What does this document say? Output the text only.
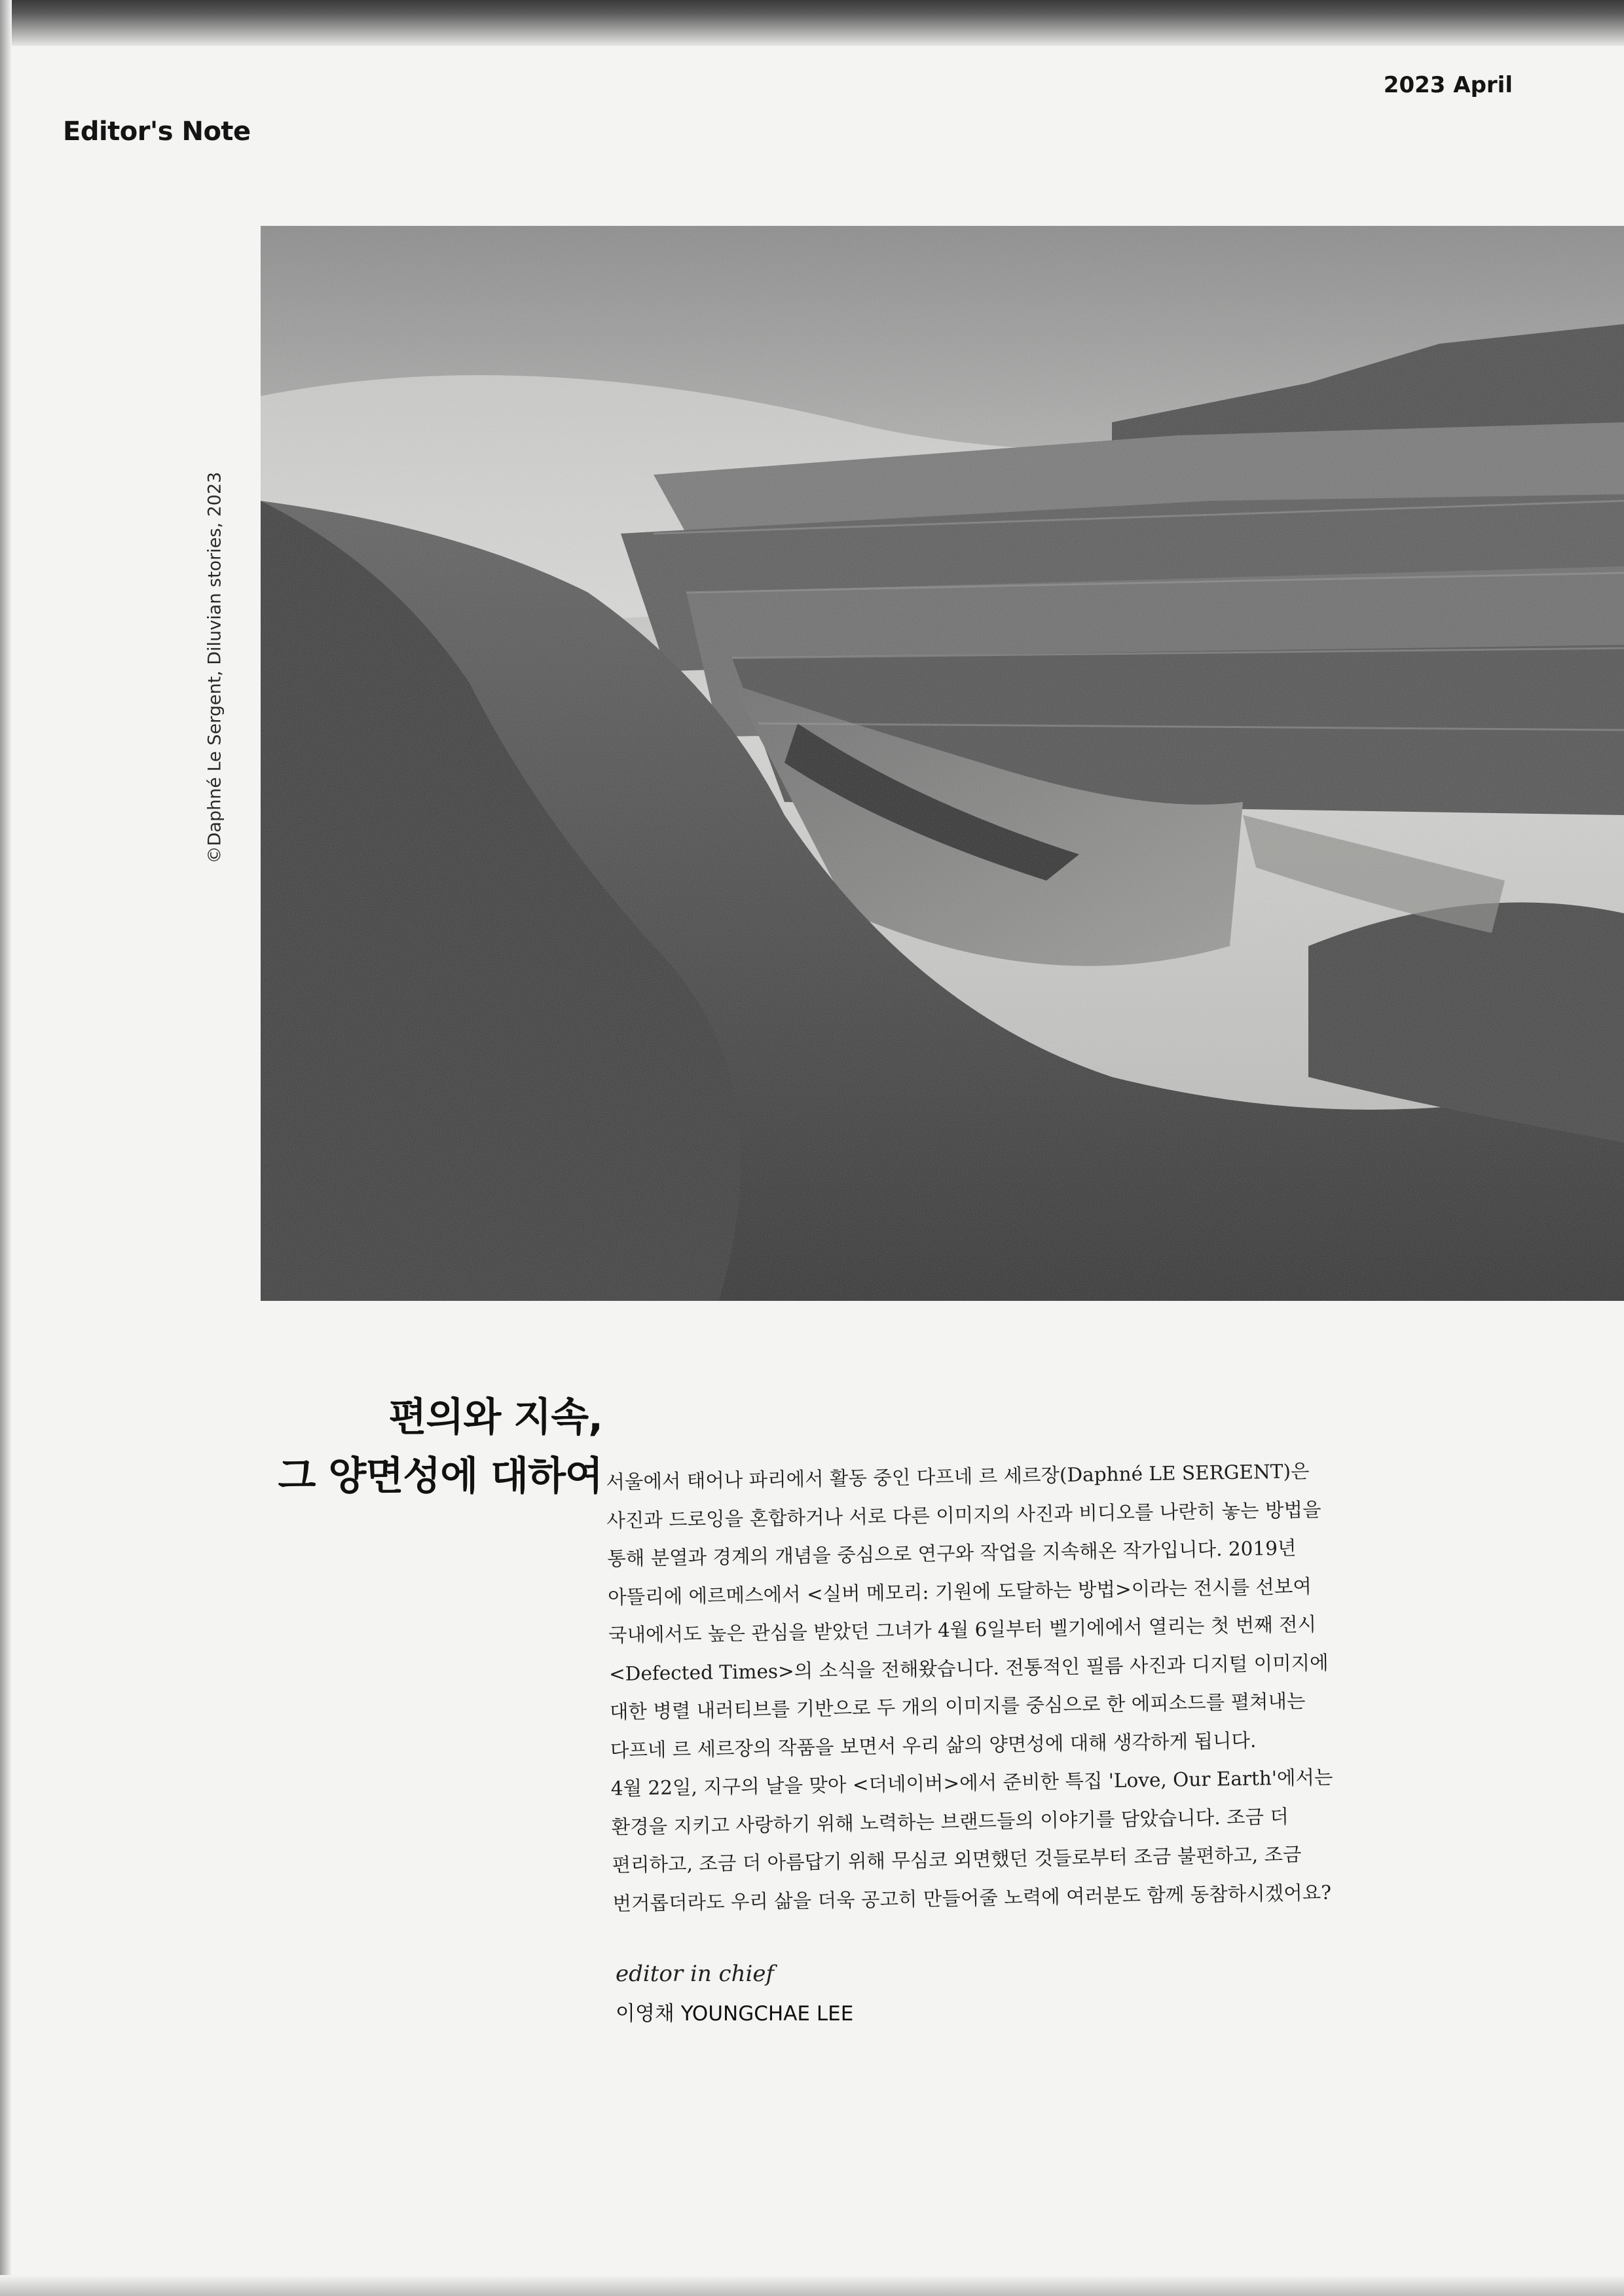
Editor's Note
2023 April
©Daphné Le Sergent, Diluvian stories, 2023
편의와 지속,
그 양면성에 대하여 서울에서 태어나 파리에서 활동 중인 다프네 르 세르장(Daphné LE SERGENT)은
사진과 드로잉을 혼합하거나 서로 다른 이미지의 사진과 비디오를 나란히 놓는 방법을
통해 분열과 경계의 개념을 중심으로 연구와 작업을 지속해온 작가입니다. 2019년
아뜰리에 에르메스에서 <실버 메모리: 기원에 도달하는 방법>이라는 전시를 선보여
국내에서도 높은 관심을 받았던 그녀가 4월 6일부터 벨기에에서 열리는 첫 번째 전시
<Defected Times>의 소식을 전해왔습니다. 전통적인 필름 사진과 디지털 이미지에
대한 병렬 내러티브를 기반으로 두 개의 이미지를 중심으로 한 에피소드를 펼쳐내는
다프네 르 세르장의 작품을 보면서 우리 삶의 양면성에 대해 생각하게 됩니다.
4월 22일, 지구의 날을 맞아 <더네이버>에서 준비한 특집 'Love, Our Earth'에서는
환경을 지키고 사랑하기 위해 노력하는 브랜드들의 이야기를 담았습니다. 조금 더
편리하고, 조금 더 아름답기 위해 무심코 외면했던 것들로부터 조금 불편하고, 조금
번거롭더라도 우리 삶을 더욱 공고히 만들어줄 노력에 여러분도 함께 동참하시겠어요?
editor in chief
이영채 YOUNGCHAE LEE
